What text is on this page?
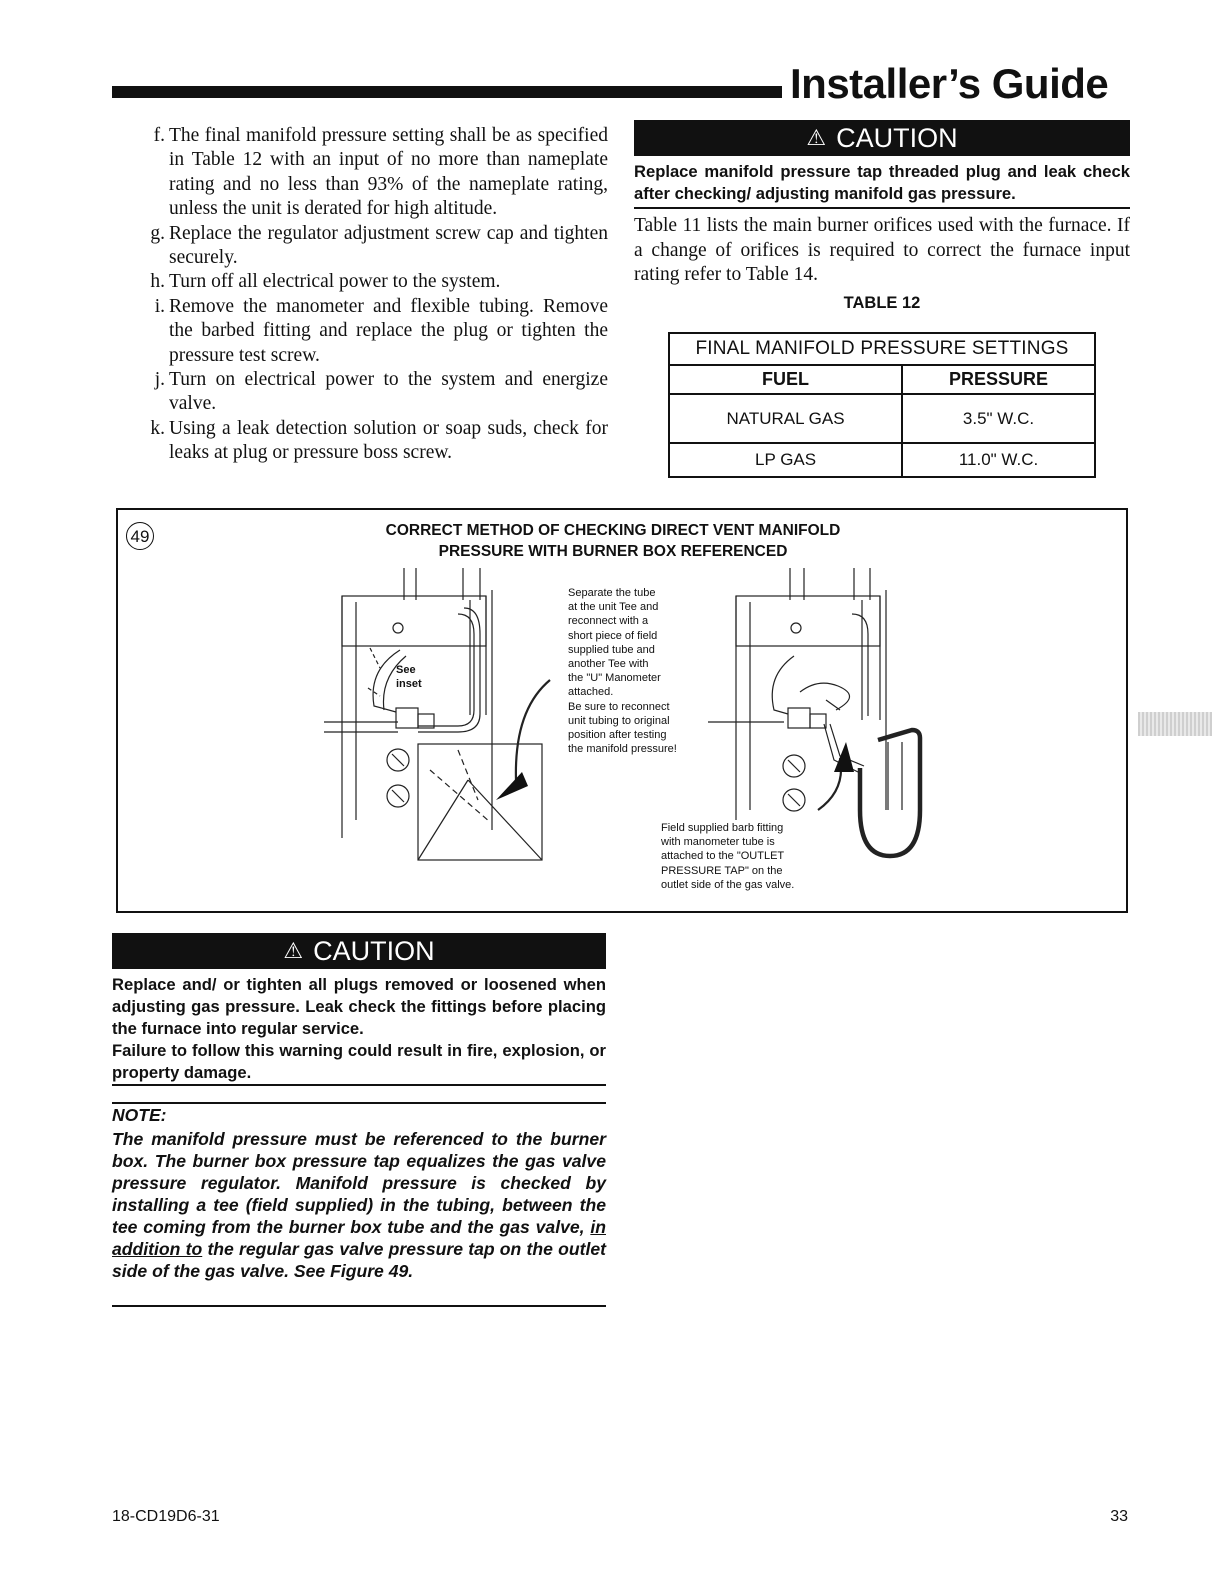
Installer’s Guide
f. The final manifold pressure setting shall be as specified in Table 12 with an input of no more than nameplate rating and no less than 93% of the nameplate rating, unless the unit is derated for high altitude.
g. Replace the regulator adjustment screw cap and tighten securely.
h. Turn off all electrical power to the system.
i. Remove the manometer and flexible tubing. Remove the barbed fitting and replace the plug or tighten the pressure test screw.
j. Turn on electrical power to the system and energize valve.
k. Using a leak detection solution or soap suds, check for leaks at plug or pressure boss screw.
⚠ CAUTION

Replace manifold pressure tap threaded plug and leak check after checking/ adjusting manifold gas pressure.

Table 11 lists the main burner orifices used with the furnace. If a change of orifices is required to correct the furnace input rating refer to Table 14.

TABLE 12
FINAL MANIFOLD PRESSURE SETTINGS	
FUEL	PRESSURE
NATURAL GAS	3.5" W.C.
LP GAS	11.0" W.C.
49	CORRECT METHOD OF CHECKING DIRECT VENT MANIFOLD
PRESSURE WITH BURNER BOX REFERENCED
See
inset
Separate the tube
at the unit Tee and
reconnect with a
short piece of field
supplied tube and
another Tee with
the "U" Manometer
attached.
Be sure to reconnect
unit tubing to original
position after testing
the manifold pressure!
Field supplied barb fitting
with manometer tube is
attached to the "OUTLET
PRESSURE TAP" on the
outlet side of the gas valve.
⚠ CAUTION

Replace and/ or tighten all plugs removed or loosened when adjusting gas pressure. Leak check the fittings before placing the furnace into regular service.

Failure to follow this warning could result in fire, explosion, or property damage.

NOTE:

The manifold pressure must be referenced to the burner box. The burner box pressure tap equalizes the gas valve pressure regulator. Manifold pressure is checked by installing a tee (field supplied) in the tubing, between the tee coming from the burner box tube and the gas valve, in addition to the regular gas valve pressure tap on the outlet side of the gas valve. See Figure 49.

18-CD19D6-31	33
